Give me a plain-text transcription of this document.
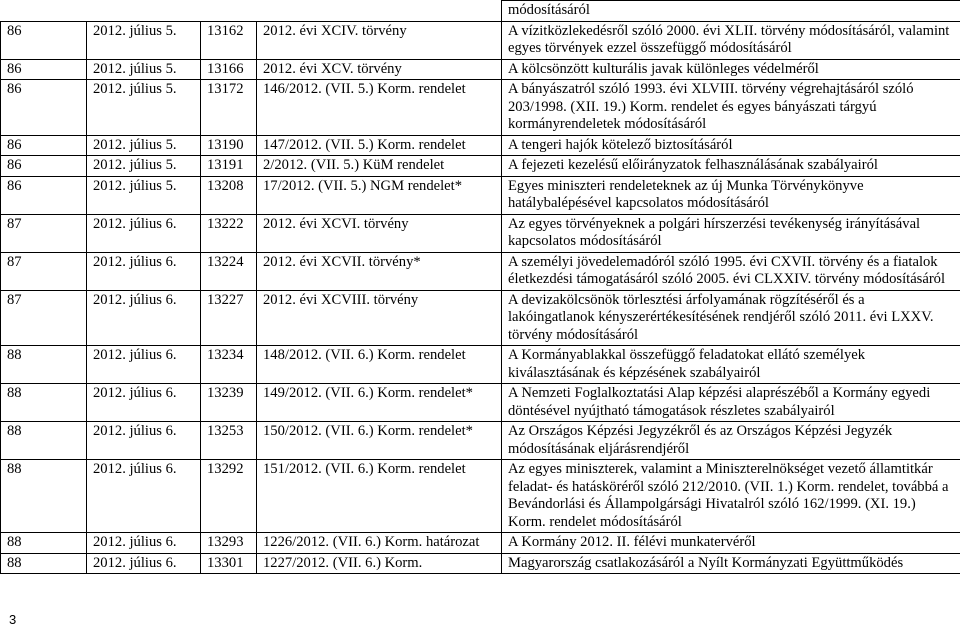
				módosításáról
86	2012. július 5.	13162	2012. évi XCIV. törvény	A vízitközlekedésről szóló 2000. évi XLII. törvény módosításáról, valamint egyes törvények ezzel összefüggő módosításáról
86	2012. július 5.	13166	2012. évi XCV. törvény	A kölcsönzött kulturális javak különleges védelméről
86	2012. július 5.	13172	146/2012. (VII. 5.) Korm. rendelet	A bányászatról szóló 1993. évi XLVIII. törvény végrehajtásáról szóló 203/1998. (XII. 19.) Korm. rendelet és egyes bányászati tárgyú kormányrendeletek módosításáról
86	2012. július 5.	13190	147/2012. (VII. 5.) Korm. rendelet	A tengeri hajók kötelező biztosításáról
86	2012. július 5.	13191	2/2012. (VII. 5.) KüM rendelet	A fejezeti kezelésű előirányzatok felhasználásának szabályairól
86	2012. július 5.	13208	17/2012. (VII. 5.) NGM rendelet*	Egyes miniszteri rendeleteknek az új Munka Törvénykönyve hatálybalépésével kapcsolatos módosításáról
87	2012. július 6.	13222	2012. évi XCVI. törvény	Az egyes törvényeknek a polgári hírszerzési tevékenység irányításával kapcsolatos módosításáról
87	2012. július 6.	13224	2012. évi XCVII. törvény*	A személyi jövedelemadóról szóló 1995. évi CXVII. törvény és a fiatalok életkezdési támogatásáról szóló 2005. évi CLXXIV. törvény módosításáról
87	2012. július 6.	13227	2012. évi XCVIII. törvény	A devizakölcsönök törlesztési árfolyamának rögzítéséről és a lakóingatlanok kényszerértékesítésének rendjéről szóló 2011. évi LXXV. törvény módosításáról
88	2012. július 6.	13234	148/2012. (VII. 6.) Korm. rendelet	A Kormányablakkal összefüggő feladatokat ellátó személyek kiválasztásának és képzésének szabályairól
88	2012. július 6.	13239	149/2012. (VII. 6.) Korm. rendelet*	A Nemzeti Foglalkoztatási Alap képzési alaprészéből a Kormány egyedi döntésével nyújtható támogatások részletes szabályairól
88	2012. július 6.	13253	150/2012. (VII. 6.) Korm. rendelet*	Az Országos Képzési Jegyzékről és az Országos Képzési Jegyzék módosításának eljárásrendjéről
88	2012. július 6.	13292	151/2012. (VII. 6.) Korm. rendelet	Az egyes miniszterek, valamint a Miniszterelnökséget vezető államtitkár feladat- és hatásköréről szóló 212/2010. (VII. 1.) Korm. rendelet, továbbá a Bevándorlási és Állampolgársági Hivatalról szóló 162/1999. (XI. 19.) Korm. rendelet módosításáról
88	2012. július 6.	13293	1226/2012. (VII. 6.) Korm. határozat	A Kormány 2012. II. félévi munkatervéről
88	2012. július 6.	13301	1227/2012. (VII. 6.) Korm.	Magyarország csatlakozásáról a Nyílt Kormányzati Együttműködés
3
